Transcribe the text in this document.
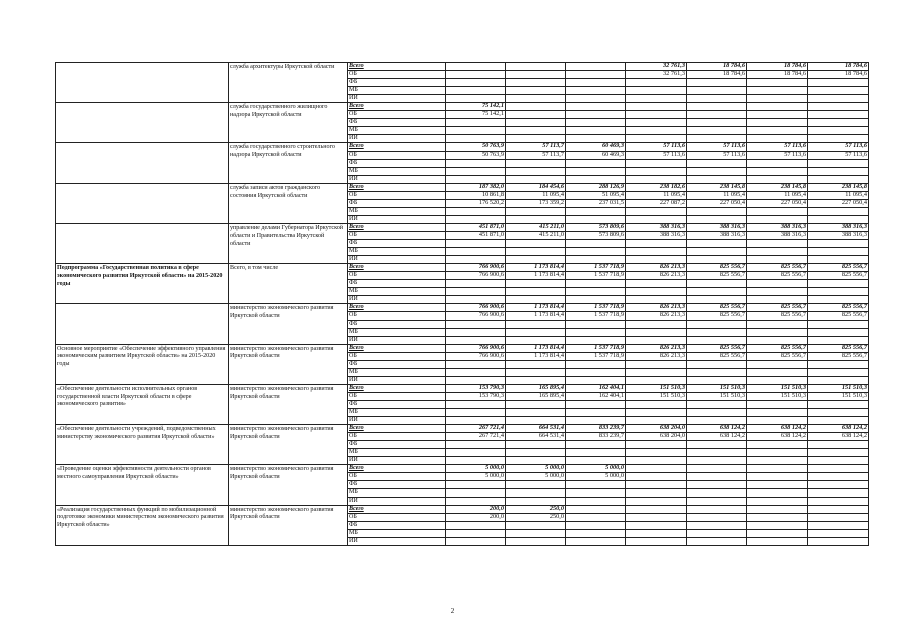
	служба архитектуры Иркутской области	Всего				32 761,3	18 784,6	18 784,6	18 784,6
		ОБ				32 761,3	18 784,6	18 784,6	18 784,6
		ФБ							
		МБ							
		ИИ							
	служба государственного жилищного надзора Иркутской области	Всего	75 142,1						
		ОБ	75 142,1						
		ФБ							
		МБ							
		ИИ							
	служба государственного строительного надзора Иркутской области	Всего	50 763,9	57 113,7	60 469,3	57 113,6	57 113,6	57 113,6	57 113,6
		ОБ	50 763,9	57 113,7	60 469,3	57 113,6	57 113,6	57 113,6	57 113,6
		ФБ							
		МБ							
		ИИ							
	служба записи актов гражданского состояния Иркутской области	Всего	187 382,0	184 454,6	288 126,9	238 182,6	238 145,8	238 145,8	238 145,8
		ОБ	10 861,8	11 095,4	51 095,4	11 095,4	11 095,4	11 095,4	11 095,4
		ФБ	176 520,2	173 359,2	237 031,5	227 087,2	227 050,4	227 050,4	227 050,4
		МБ							
		ИИ							
	управление делами Губернатора Иркутской области и Правительства Иркутской области	Всего	451 871,0	415 211,0	573 809,6	388 316,3	388 316,3	388 316,3	388 316,3
		ОБ	451 871,0	415 211,0	573 809,6	388 316,3	388 316,3	388 316,3	388 316,3
		ФБ							
		МБ							
		ИИ							
Подпрограмма «Государственная политика в сфере экономического развития Иркутской области» на 2015-2020 годы	Всего, в том числе	Всего	766 900,6	1 173 814,4	1 537 718,9	826 213,3	825 556,7	825 556,7	825 556,7
		ОБ	766 900,6	1 173 814,4	1 537 718,9	826 213,3	825 556,7	825 556,7	825 556,7
		ФБ							
		МБ							
		ИИ							
	министерство экономического развития Иркутской области	Всего	766 900,6	1 173 814,4	1 537 718,9	826 213,3	825 556,7	825 556,7	825 556,7
		ОБ	766 900,6	1 173 814,4	1 537 718,9	826 213,3	825 556,7	825 556,7	825 556,7
		ФБ							
		МБ							
		ИИ							
Основное мероприятие «Обеспечение эффективного управления экономическим развитием Иркутской области» на 2015-2020 годы	министерство экономического развития Иркутской области	Всего	766 900,6	1 173 814,4	1 537 718,9	826 213,3	825 556,7	825 556,7	825 556,7
		ОБ	766 900,6	1 173 814,4	1 537 718,9	826 213,3	825 556,7	825 556,7	825 556,7
		ФБ							
		МБ							
		ИИ							
«Обеспечение деятельности исполнительных органов государственной власти Иркутской области в сфере экономического развития»	министерство экономического развития Иркутской области	Всего	153 790,3	165 895,4	162 404,1	151 510,3	151 510,3	151 510,3	151 510,3
		ОБ	153 790,3	165 895,4	162 404,1	151 510,3	151 510,3	151 510,3	151 510,3
		ФБ							
		МБ							
		ИИ							
«Обеспечение деятельности учреждений, подведомственных министерству экономического развития Иркутской области»	министерство экономического развития Иркутской области	Всего	267 721,4	664 531,4	833 239,7	638 204,0	638 124,2	638 124,2	638 124,2
		ОБ	267 721,4	664 531,4	833 239,7	638 204,0	638 124,2	638 124,2	638 124,2
		ФБ							
		МБ							
		ИИ							
«Проведение оценки эффективности деятельности органов местного самоуправления Иркутской области»	министерство экономического развития Иркутской области	Всего	5 000,0	5 000,0	5 000,0				
		ОБ	5 000,0	5 000,0	5 000,0				
		ФБ							
		МБ							
		ИИ							
«Реализация государственных функций по мобилизационной подготовке экономики министерством экономического развития Иркутской области»	министерство экономического развития Иркутской области	Всего	200,0	250,0					
		ОБ	200,0	250,0					
		ФБ							
		МБ							
		ИИ							
2
